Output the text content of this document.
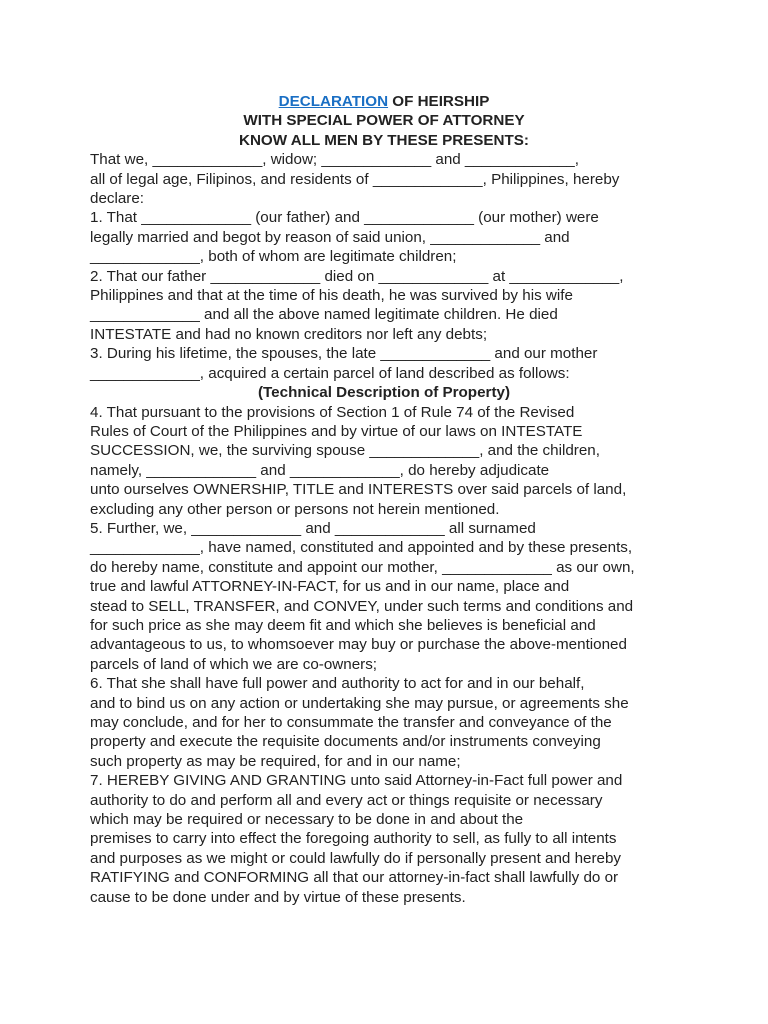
DECLARATION OF HEIRSHIP
WITH SPECIAL POWER OF ATTORNEY
KNOW ALL MEN BY THESE PRESENTS:
That we, _____________, widow; _____________ and _____________,
all of legal age, Filipinos, and residents of _____________, Philippines, hereby
declare:
1. That _____________ (our father) and _____________ (our mother) were
legally married and begot by reason of said union, _____________ and
_____________, both of whom are legitimate children;
2. That our father _____________ died on _____________ at _____________,
Philippines and that at the time of his death, he was survived by his wife
_____________ and all the above named legitimate children. He died
INTESTATE and had no known creditors nor left any debts;
3. During his lifetime, the spouses, the late _____________ and our mother
_____________, acquired a certain parcel of land described as follows:
(Technical Description of Property)
4. That pursuant to the provisions of Section 1 of Rule 74 of the Revised
Rules of Court of the Philippines and by virtue of our laws on INTESTATE
SUCCESSION, we, the surviving spouse _____________, and the children,
namely, _____________ and _____________, do hereby adjudicate
unto ourselves OWNERSHIP, TITLE and INTERESTS over said parcels of land,
excluding any other person or persons not herein mentioned.
5. Further, we, _____________ and _____________ all surnamed
_____________, have named, constituted and appointed and by these presents,
do hereby name, constitute and appoint our mother, _____________ as our own,
true and lawful ATTORNEY-IN-FACT, for us and in our name, place and
stead to SELL, TRANSFER, and CONVEY, under such terms and conditions and
for such price as she may deem fit and which she believes is beneficial and
advantageous to us, to whomsoever may buy or purchase the above-mentioned
parcels of land of which we are co-owners;
6. That she shall have full power and authority to act for and in our behalf,
and to bind us on any action or undertaking she may pursue, or agreements she
may conclude, and for her to consummate the transfer and conveyance of the
property and execute the requisite documents and/or instruments conveying
such property as may be required, for and in our name;
7. HEREBY GIVING AND GRANTING unto said Attorney-in-Fact full power and
authority to do and perform all and every act or things requisite or necessary
which may be required or necessary to be done in and about the
premises to carry into effect the foregoing authority to sell, as fully to all intents
and purposes as we might or could lawfully do if personally present and hereby
RATIFYING and CONFORMING all that our attorney-in-fact shall lawfully do or
cause to be done under and by virtue of these presents.
